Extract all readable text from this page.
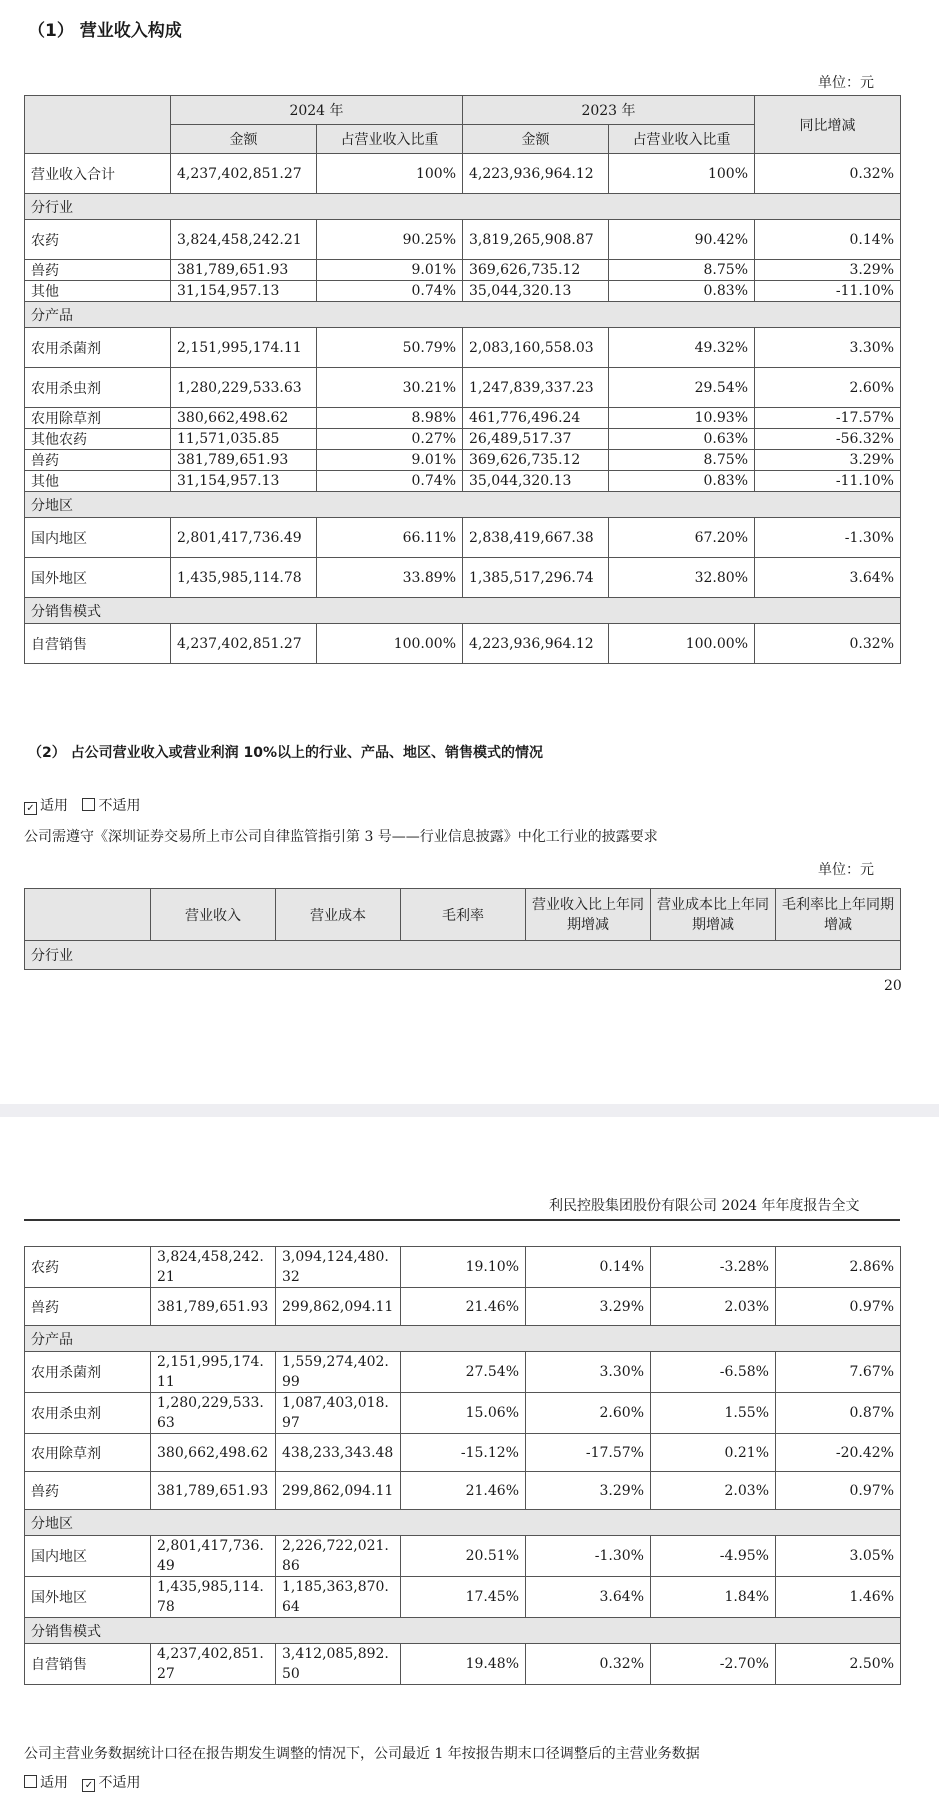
（1） 营业收入构成
单位：元
	2024 年		2023 年		同比增减
	金额	占营业收入比重	金额	占营业收入比重	
营业收入合计	4,237,402,851.27	100%	4,223,936,964.12	100%	0.32%
分行业					
农药	3,824,458,242.21	90.25%	3,819,265,908.87	90.42%	0.14%
兽药	381,789,651.93	9.01%	369,626,735.12	8.75%	3.29%
其他	31,154,957.13	0.74%	35,044,320.13	0.83%	-11.10%
分产品					
农用杀菌剂	2,151,995,174.11	50.79%	2,083,160,558.03	49.32%	3.30%
农用杀虫剂	1,280,229,533.63	30.21%	1,247,839,337.23	29.54%	2.60%
农用除草剂	380,662,498.62	8.98%	461,776,496.24	10.93%	-17.57%
其他农药	11,571,035.85	0.27%	26,489,517.37	0.63%	-56.32%
兽药	381,789,651.93	9.01%	369,626,735.12	8.75%	3.29%
其他	31,154,957.13	0.74%	35,044,320.13	0.83%	-11.10%
分地区					
国内地区	2,801,417,736.49	66.11%	2,838,419,667.38	67.20%	-1.30%
国外地区	1,435,985,114.78	33.89%	1,385,517,296.74	32.80%	3.64%
分销售模式					
自营销售	4,237,402,851.27	100.00%	4,223,936,964.12	100.00%	0.32%
（2） 占公司营业收入或营业利润 10%以上的行业、产品、地区、销售模式的情况
✓ 适用 不适用
公司需遵守《深圳证券交易所上市公司自律监管指引第 3 号——行业信息披露》中化工行业的披露要求
单位：元
	营业收入	营业成本	毛利率	营业收入比上年同期增减	营业成本比上年同期增减	毛利率比上年同期增减
分行业
20
利民控股集团股份有限公司 2024 年年度报告全文
农药	3,824,458,242.21	3,094,124,480.32	19.10%	0.14%	-3.28%	2.86%
兽药	381,789,651.93	299,862,094.11	21.46%	3.29%	2.03%	0.97%
分产品						
农用杀菌剂	2,151,995,174.11	1,559,274,402.99	27.54%	3.30%	-6.58%	7.67%
农用杀虫剂	1,280,229,533.63	1,087,403,018.97	15.06%	2.60%	1.55%	0.87%
农用除草剂	380,662,498.62	438,233,343.48	-15.12%	-17.57%	0.21%	-20.42%
兽药	381,789,651.93	299,862,094.11	21.46%	3.29%	2.03%	0.97%
分地区						
国内地区	2,801,417,736.49	2,226,722,021.86	20.51%	-1.30%	-4.95%	3.05%
国外地区	1,435,985,114.78	1,185,363,870.64	17.45%	3.64%	1.84%	1.46%
分销售模式						
自营销售	4,237,402,851.27	3,412,085,892.50	19.48%	0.32%	-2.70%	2.50%
公司主营业务数据统计口径在报告期发生调整的情况下，公司最近 1 年按报告期末口径调整后的主营业务数据
适用 ✓ 不适用
